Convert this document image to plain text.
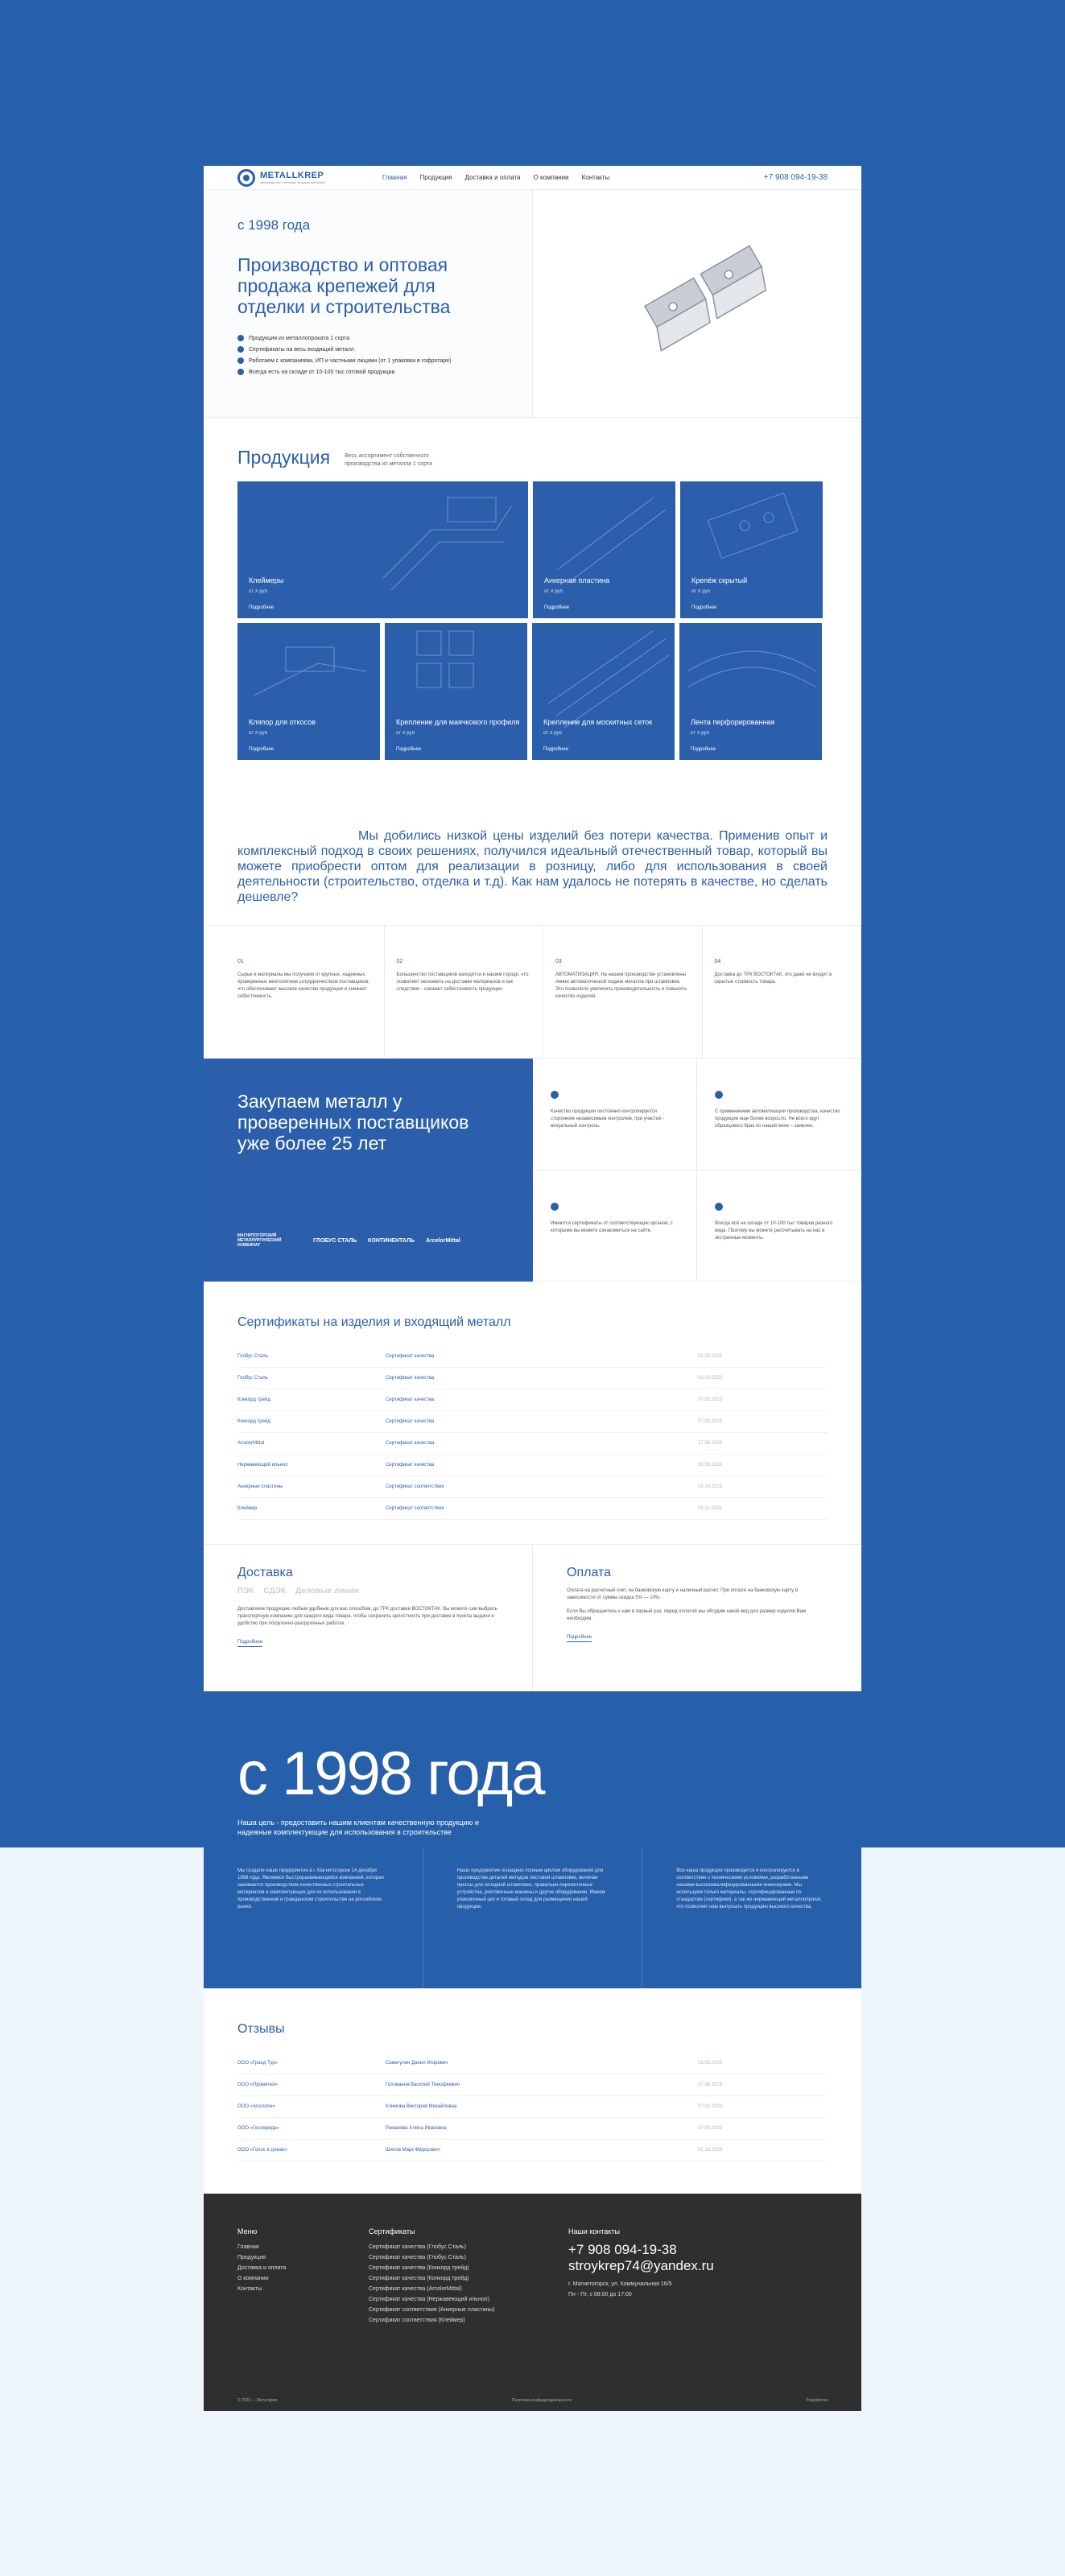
METALLKREP
производство и оптовая продажа крепежей
Главная Продукция Доставка и оплата О компании Контакты	+7 908 094-19-38
с 1998 года
Производство и оптовая продажа крепежей для отделки и строительства
Продукция из металлопроката 1 сорта
Сертификаты на весь входящий металл
Работаем с компаниями, ИП и частными лицами (от 1 упаковки в гофротаре)
Всегда есть на складе от 10-100 тыс готовой продукции
Продукция	Весь ассортимент собственного производства из металла 1 сорта

Клеймеры
от X руб
Подробнее
Анкерная пластина
от X руб
Подробнее
Крепёж скрытый
от X руб
Подробнее
Кляпор для откосов
от X руб
Подробнее
Крепление для маячкового профиля
от X руб
Подробнее
Крепление для москитных сеток
от X руб
Подробнее
Лента перфорированная
от X руб
Подробнее
Мы добились низкой цены изделий без потери качества. Применив опыт и комплексный подход в своих решениях, получился идеальный отечественный товар, который вы можете приобрести оптом для реализации в розницу, либо для использования в своей деятельности (строительство, отделка и т.д). Как нам удалось не потерять в качестве, но сделать дешевле?
01
Сырье и материалы мы получаем от крупных, надежных, проверенных многолетним сотрудничеством поставщиков, что обеспечивает высокое качество продукции и снижает себестоимость.
02
Большинство поставщиков находятся в нашем городе, что позволяет экономить на доставке материалов и как следствие - снижает себестоимость продукции.
03
АВТОМАТИЗАЦИЯ. На нашем производстве установлены линии автоматической подачи металла при штамповке. Это позволило увеличить производительность и повысить качество изделий.
04
Доставка до ТРК ВОСТОКТАК, это даже не входит в скрытые стоимость товара.
Закупаем металл у проверенных поставщиков уже более 25 лет
МАГНИТОГОРСКИЙ МЕТАЛЛУРГИЧЕСКИЙ КОМБИНАТ
ГЛОБУС СТАЛЬ КОНТИНЕНТАЛЬ ArcelorMittal
Качество продукции постоянно контролируется сторонним независимым контролем, при участии - визуальный контроль.
С применением автоматизации производства, качество продукции еще более возросло. Не всего идут образцового брак по нашей вине – заявлен.
Имеются сертификаты от соответствующих органов, с которыми вы можете ознакомиться на сайте.
Всегда всё на складе от 10-100 тыс товаров разного вида. Поэтому вы можете рассчитывать на нас в экстренные моменты.
Сертификаты на изделия и входящий металл
Глобус Сталь	Сертификат качества	02.03.2023
Глобус Сталь	Сертификат качества	02.03.2023
Конкорд трейд	Сертификат качества	07.03.2023
Конкорд трейд	Сертификат качества	07.03.2023
ArcelorMittal	Сертификат качества	17.06.2023
Нержавеющий ильнол	Сертификат качества	03.08.2023
Анкерные пластины	Сертификат соответствия	03.10.2023
Клеймер	Сертификат соответствия	03.11.2023
Доставка
ПЭК СДЭК Деловые линии
Доставляем продукцию любым удобным для вас способом, до ТРК доставки ВОСТОКТАК. Вы можете сам выбрать транспортную компанию для каждого вида товара, чтобы сохранить целостность при доставке в пункты выдачи и удобство при погрузочно-разгрузочных работах.
Подробнее
Оплата
Оплата на расчетный счет, на банковскую карту и наличный расчет. При оплате на банковскую карту в зависимости от суммы скидка 5% — 10%.
Если Вы обращаетесь к нам в первый раз, перед оплатой мы обсудим какой вид для размер изделия Вам необходим.
Подробнее
с 1998 года
Наша цель - предоставить нашим клиентам качественную продукцию и надежные комплектующие для использования в строительстве
Мы создали наше предприятие в г. Магнитогорске 14 декабря 1998 года. Являемся быстроразвивающейся компанией, которая занимается производством качественных строительных материалов и комплектующих для их использования в производственной и гражданском строительстве на российском рынке.
Наше предприятие оснащено полным циклом оборудования для производства деталей методом листовой штамповки, включая прессы для холодной штамповки, правильно-перемоточные устройства, рихтовочные машины и другое оборудование. Имеем упаковочный цех и готовый склад для размещения нашей продукции.
Вся наша продукция производится и контролируется в соответствии с техническими условиями, разработанными нашими высококвалифицированными инженерами. Мы используем только материалы, сертифицированные по стандартам (сертифики), а так же нержавеющий металлопрокат, что позволяет нам выпускать продукцию высокого качества.
Отзывы
ООО «Гранд Тур»	Самегулин Данил Игоревич	03.03.2023
ООО «Прометей»	Голованов Василий Тимофеевич	07.06.2023
ООО «Аполлон»	Климова Виктория Михайловна	07.08.2023
ООО «Гесперида»	Романова Алёна Ивановна	07.09.2023
ООО «Голос в домах»	Шилов Марк Фёдорович	02.10.2023
Меню
Главная
Продукция
Доставка и оплата
О компании
Контакты
Сертификаты
Сертификат качества (Глобус Сталь)
Сертификат качества (Глобус Сталь)
Сертификат качества (Конкорд трейд)
Сертификат качества (Конкорд трейд)
Сертификат качества (ArcelorMittal)
Сертификат качества (Нержавеющий ильнол)
Сертификат соответствия (Анкерные пластины)
Сертификат соответствия (Клеймер)
Наши контакты
+7 908 094-19-38
stroykrep74@yandex.ru
г. Магнитогорск, ул. Коммунальная 16/5
Пн - Пт, с 08:00 до 17:00
© 2023 — Металкреп	Политика конфиденциальности	Разработка
